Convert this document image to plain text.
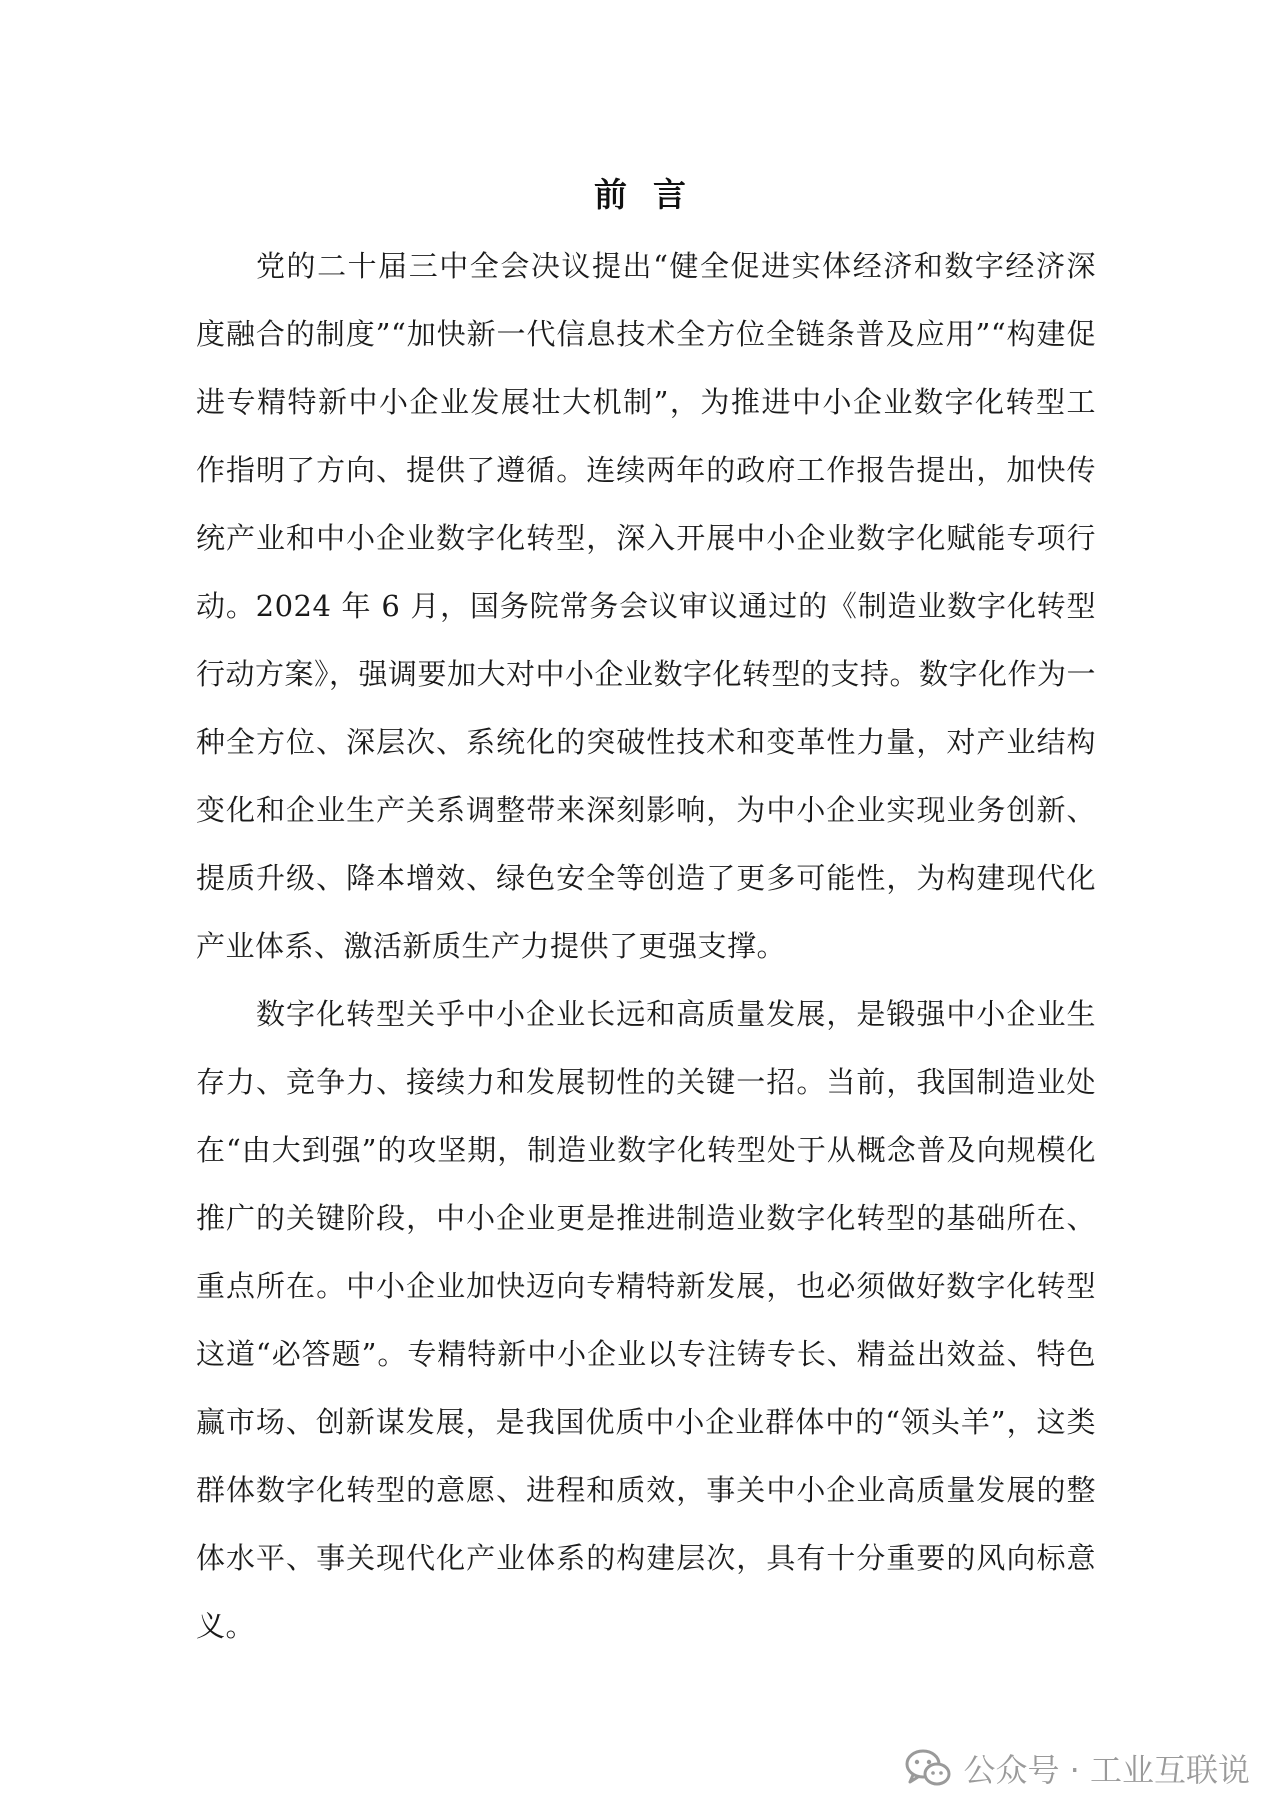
前言

党的二十届三中全会决议提出“健全促进实体经济和数字经济深度融合的制度”“加快新一代信息技术全方位全链条普及应用”“构建促进专精特新中小企业发展壮大机制”，为推进中小企业数字化转型工作指明了方向、提供了遵循。连续两年的政府工作报告提出，加快传统产业和中小企业数字化转型，深入开展中小企业数字化赋能专项行动。2024 年 6 月，国务院常务会议审议通过的《制造业数字化转型行动方案》，强调要加大对中小企业数字化转型的支持。数字化作为一种全方位、深层次、系统化的突破性技术和变革性力量，对产业结构变化和企业生产关系调整带来深刻影响，为中小企业实现业务创新、提质升级、降本增效、绿色安全等创造了更多可能性，为构建现代化产业体系、激活新质生产力提供了更强支撑。

数字化转型关乎中小企业长远和高质量发展，是锻强中小企业生存力、竞争力、接续力和发展韧性的关键一招。当前，我国制造业处在“由大到强”的攻坚期，制造业数字化转型处于从概念普及向规模化推广的关键阶段，中小企业更是推进制造业数字化转型的基础所在、重点所在。中小企业加快迈向专精特新发展，也必须做好数字化转型这道“必答题”。专精特新中小企业以专注铸专长、精益出效益、特色赢市场、创新谋发展，是我国优质中小企业群体中的“领头羊”，这类群体数字化转型的意愿、进程和质效，事关中小企业高质量发展的整体水平、事关现代化产业体系的构建层次，具有十分重要的风向标意义。

公众号 · 工业互联说
